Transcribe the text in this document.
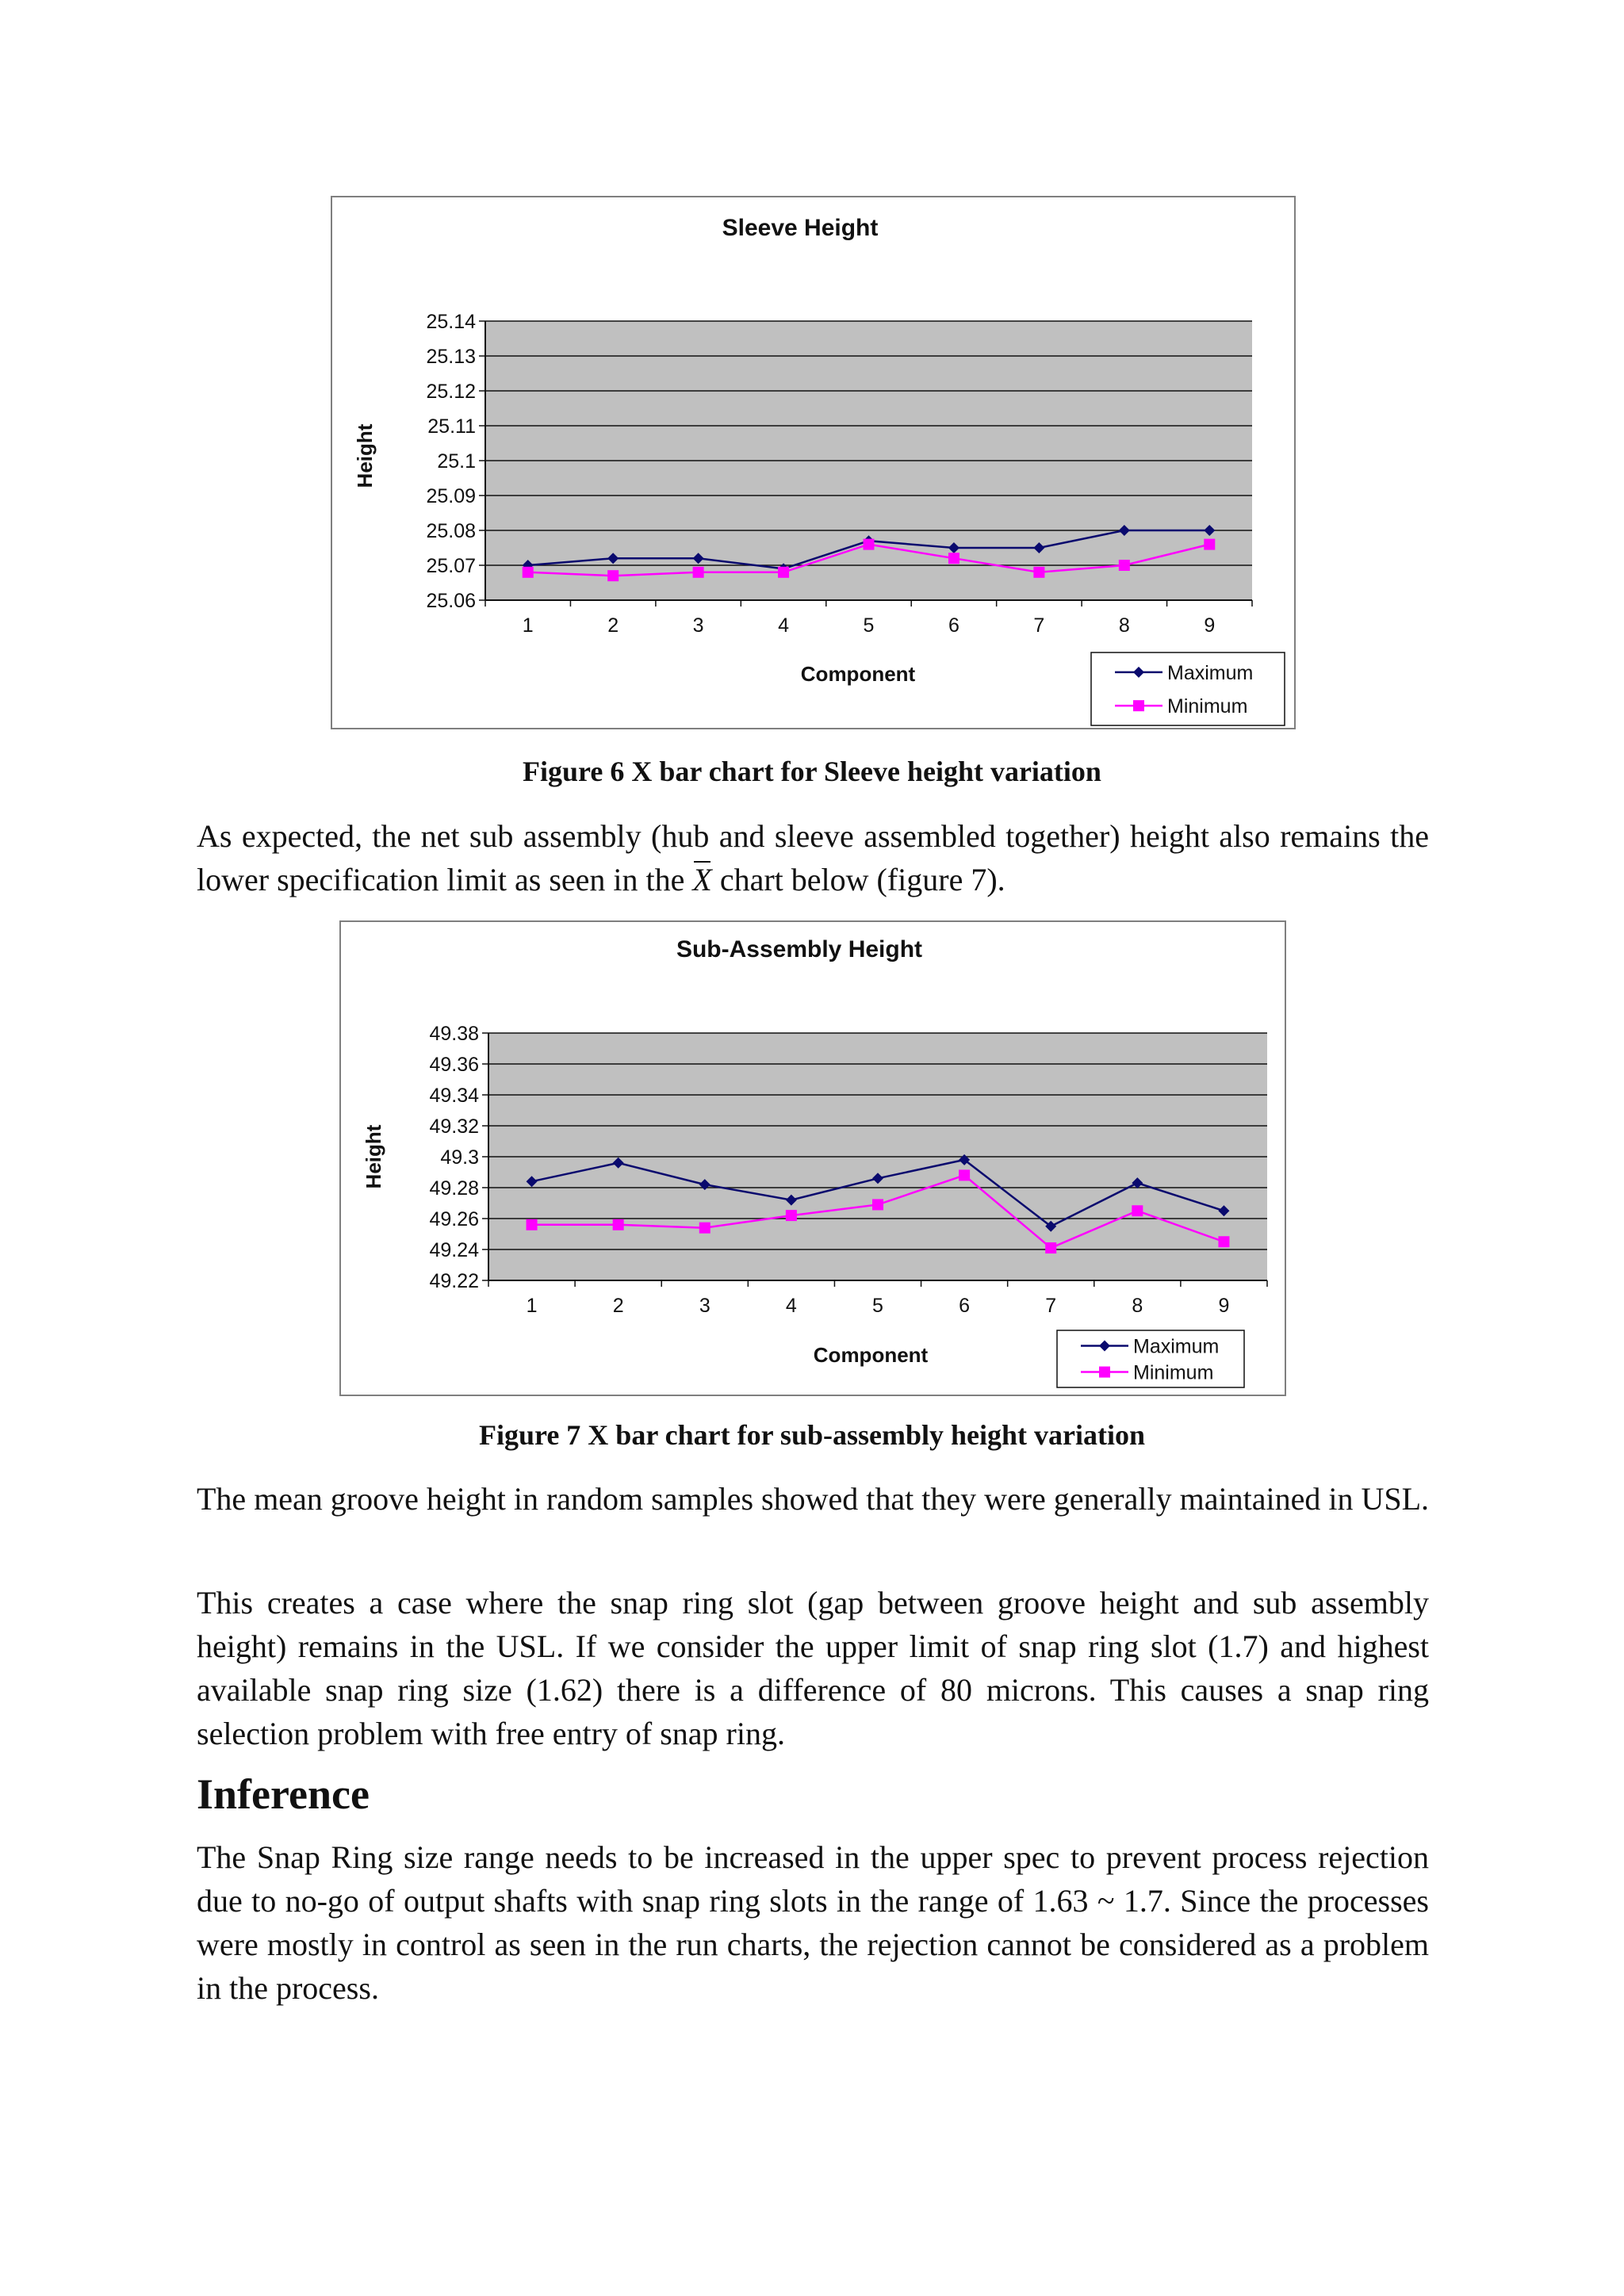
Sleeve Height
25.06
25.07
25.08
25.09
25.1
25.11
25.12
25.13
25.14
1	2	3	4	5	6	7	8	9
Component
Height
Maximum
Minimum
Figure 6 X bar chart for Sleeve height variation

As expected, the net sub assembly (hub and sleeve assembled together) height also remains the lower specification limit as seen in the X chart below (figure 7).

Sub-Assembly Height
49.22
49.24
49.26
49.28
49.3
49.32
49.34
49.36
49.38
1	2	3	4	5	6	7	8	9
Component
Height
Maximum
Minimum
Figure 7 X bar chart for sub-assembly height variation

The mean groove height in random samples showed that they were generally maintained in USL.

This creates a case where the snap ring slot (gap between groove height and sub assembly height) remains in the USL. If we consider the upper limit of snap ring slot (1.7) and highest available snap ring size (1.62) there is a difference of 80 microns. This causes a snap ring selection problem with free entry of snap ring.

Inference

The Snap Ring size range needs to be increased in the upper spec to prevent process rejection due to no-go of output shafts with snap ring slots in the range of 1.63 ~ 1.7. Since the processes were mostly in control as seen in the run charts, the rejection cannot be considered as a problem in the process.
